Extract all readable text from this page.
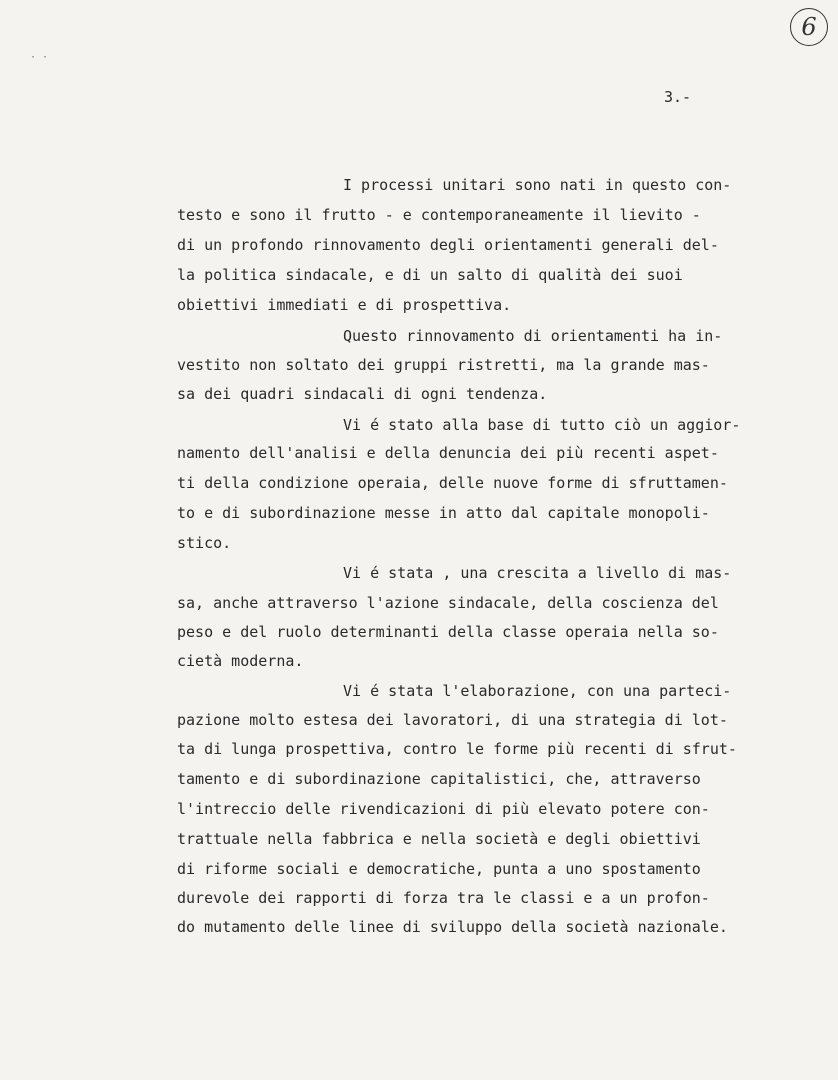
· ·
6
3.-
I processi unitari sono nati in questo con-
testo e sono il frutto - e contemporaneamente il lievito -
di un profondo rinnovamento degli orientamenti generali del-
la politica sindacale, e di un salto di qualità dei suoi
obiettivi immediati e di prospettiva.
Questo rinnovamento di orientamenti ha in-
vestito non soltato dei gruppi ristretti, ma la grande mas-
sa dei quadri sindacali di ogni tendenza.
Vi é stato alla base di tutto ciò un aggior-
namento dell'analisi e della denuncia dei più recenti aspet-
ti della condizione operaia, delle nuove forme di sfruttamen-
to e di subordinazione messe in atto dal capitale monopoli-
stico.
Vi é stata , una crescita a livello di mas-
sa, anche attraverso l'azione sindacale, della coscienza del
peso e del ruolo determinanti della classe operaia nella so-
cietà moderna.
Vi é stata l'elaborazione, con una parteci-
pazione molto estesa dei lavoratori, di una strategia di lot-
ta di lunga prospettiva, contro le forme più recenti di sfrut-
tamento e di subordinazione capitalistici, che, attraverso
l'intreccio delle rivendicazioni di più elevato potere con-
trattuale nella fabbrica e nella società e degli obiettivi
di riforme sociali e democratiche, punta a uno spostamento
durevole dei rapporti di forza tra le classi e a un profon-
do mutamento delle linee di sviluppo della società nazionale.
